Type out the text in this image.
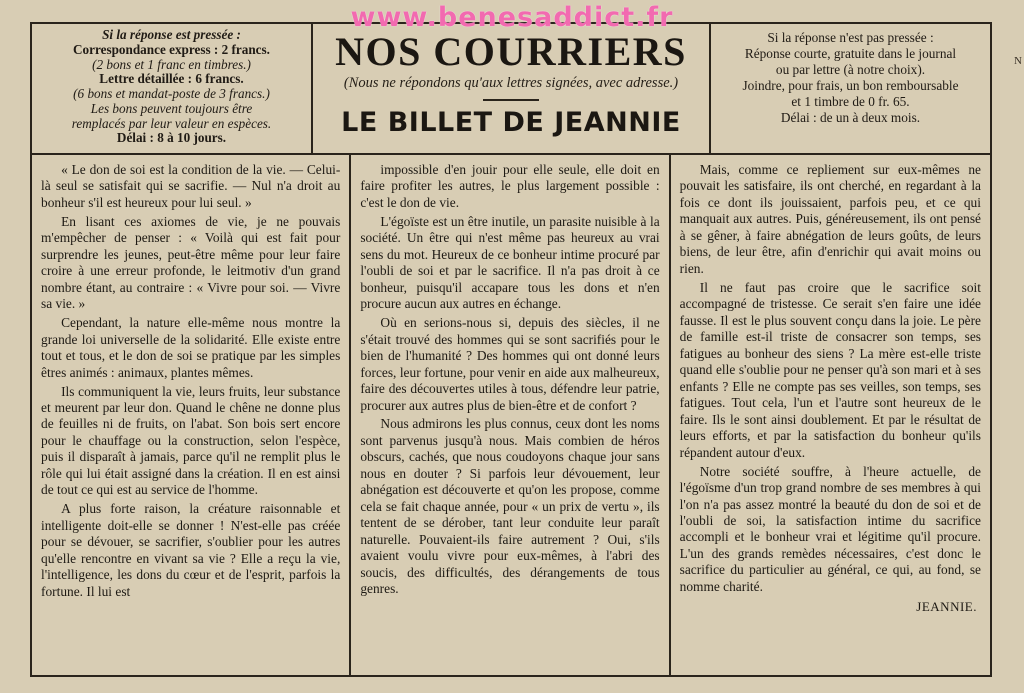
www.benesaddict.fr
N
Si la réponse est pressée :
Correspondance express : 2 francs.
(2 bons et 1 franc en timbres.)
Lettre détaillée : 6 francs.
(6 bons et mandat-poste de 3 francs.)
Les bons peuvent toujours être
remplacés par leur valeur en espèces.
Délai : 8 à 10 jours.
NOS COURRIERS
(Nous ne répondons qu'aux lettres signées, avec adresse.)
LE BILLET DE JEANNIE
Si la réponse n'est pas pressée :
Réponse courte, gratuite dans le journal
ou par lettre (à notre choix).
Joindre, pour frais, un bon remboursable
et 1 timbre de 0 fr. 65.
Délai : de un à deux mois.

« Le don de soi est la condition de la vie. — Celui-là seul se satisfait qui se sacrifie. — Nul n'a droit au bonheur s'il est heureux pour lui seul. »

En lisant ces axiomes de vie, je ne pouvais m'empêcher de penser : « Voilà qui est fait pour surprendre les jeunes, peut-être même pour leur faire croire à une erreur profonde, le leitmotiv d'un grand nombre étant, au contraire : « Vivre pour soi. — Vivre sa vie. »

Cependant, la nature elle-même nous montre la grande loi universelle de la solidarité. Elle existe entre tout et tous, et le don de soi se pratique par les simples êtres animés : animaux, plantes mêmes.

Ils communiquent la vie, leurs fruits, leur substance et meurent par leur don. Quand le chêne ne donne plus de feuilles ni de fruits, on l'abat. Son bois sert encore pour le chauffage ou la construction, selon l'espèce, puis il disparaît à jamais, parce qu'il ne remplit plus le rôle qui lui était assigné dans la création. Il en est ainsi de tout ce qui est au service de l'homme.

A plus forte raison, la créature raisonnable et intelligente doit-elle se donner ! N'est-elle pas créée pour se dévouer, se sacrifier, s'oublier pour les autres qu'elle rencontre en vivant sa vie ? Elle a reçu la vie, l'intelligence, les dons du cœur et de l'esprit, parfois la fortune. Il lui est

impossible d'en jouir pour elle seule, elle doit en faire profiter les autres, le plus largement possible : c'est le don de vie.

L'égoïste est un être inutile, un parasite nuisible à la société. Un être qui n'est même pas heureux au vrai sens du mot. Heureux de ce bonheur intime procuré par l'oubli de soi et par le sacrifice. Il n'a pas droit à ce bonheur, puisqu'il accapare tous les dons et n'en procure aucun aux autres en échange.

Où en serions-nous si, depuis des siècles, il ne s'était trouvé des hommes qui se sont sacrifiés pour le bien de l'humanité ? Des hommes qui ont donné leurs forces, leur fortune, pour venir en aide aux malheureux, faire des découvertes utiles à tous, défendre leur patrie, procurer aux autres plus de bien-être et de confort ?

Nous admirons les plus connus, ceux dont les noms sont parvenus jusqu'à nous. Mais combien de héros obscurs, cachés, que nous coudoyons chaque jour sans nous en douter ? Si parfois leur dévouement, leur abnégation est découverte et qu'on les propose, comme cela se fait chaque année, pour « un prix de vertu », ils tentent de se dérober, tant leur conduite leur paraît naturelle. Pouvaient-ils faire autrement ? Oui, s'ils avaient voulu vivre pour eux-mêmes, à l'abri des soucis, des difficultés, des dérangements de tous genres.

Mais, comme ce repliement sur eux-mêmes ne pouvait les satisfaire, ils ont cherché, en regardant à la fois ce dont ils jouissaient, parfois peu, et ce qui manquait aux autres. Puis, généreusement, ils ont pensé à se gêner, à faire abnégation de leurs goûts, de leurs biens, de leur être, afin d'enrichir qui avait moins ou rien.

Il ne faut pas croire que le sacrifice soit accompagné de tristesse. Ce serait s'en faire une idée fausse. Il est le plus souvent conçu dans la joie. Le père de famille est-il triste de consacrer son temps, ses fatigues au bonheur des siens ? La mère est-elle triste quand elle s'oublie pour ne penser qu'à son mari et à ses enfants ? Elle ne compte pas ses veilles, son temps, ses fatigues. Tout cela, l'un et l'autre sont heureux de le faire. Ils le sont ainsi doublement. Et par le résultat de leurs efforts, et par la satisfaction du bonheur qu'ils répandent autour d'eux.

Notre société souffre, à l'heure actuelle, de l'égoïsme d'un trop grand nombre de ses membres à qui l'on n'a pas assez montré la beauté du don de soi et de l'oubli de soi, la satisfaction intime du sacrifice accompli et le bonheur vrai et légitime qu'il procure. L'un des grands remèdes nécessaires, c'est donc le sacrifice du particulier au général, ce qui, au fond, se nomme charité.

JEANNIE.
